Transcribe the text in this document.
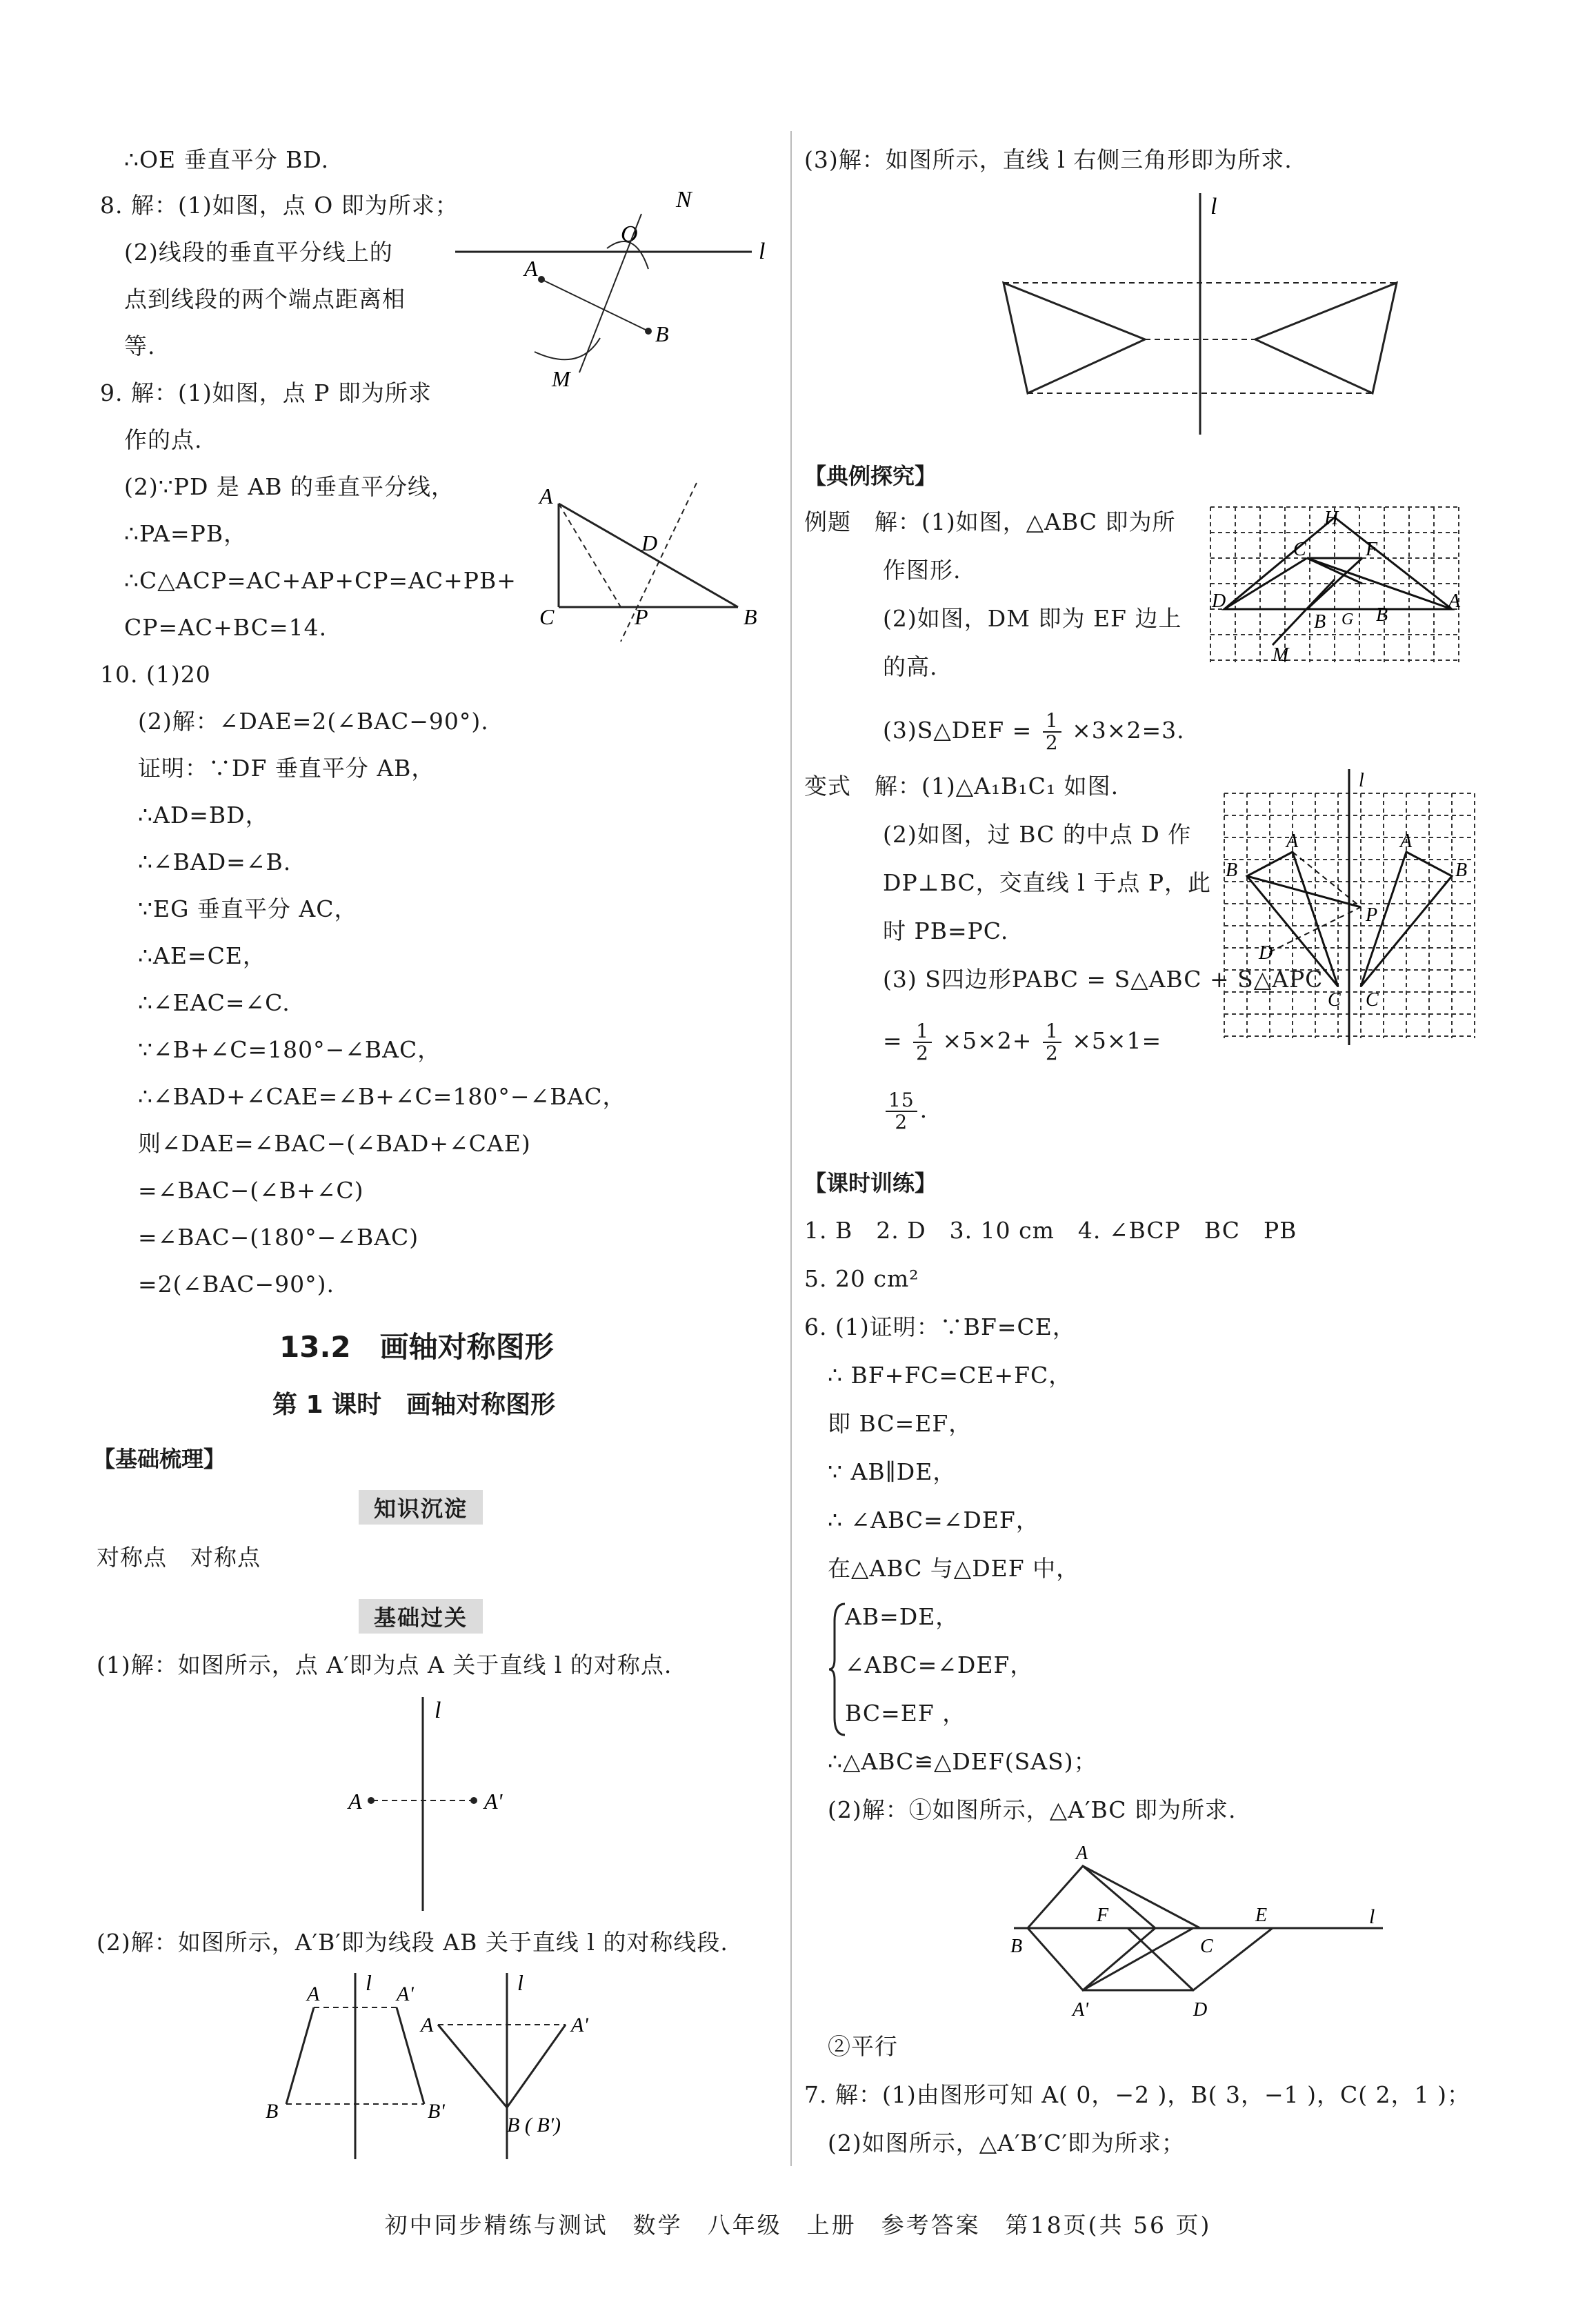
∴OE 垂直平分 BD.
8. 解：(1)如图，点 O 即为所求；
(2)线段的垂直平分线上的
点到线段的两个端点距离相
等.
9. 解：(1)如图，点 P 即为所求
作的点.
(2)∵PD 是 AB 的垂直平分线，
∴PA=PB，
∴C△ACP=AC+AP+CP=AC+PB+
CP=AC+BC=14.
10. (1)20
(2)解：∠DAE=2(∠BAC−90°).
证明：∵DF 垂直平分 AB，
∴AD=BD，
∴∠BAD=∠B.
∵EG 垂直平分 AC，
∴AE=CE，
∴∠EAC=∠C.
∵∠B+∠C=180°−∠BAC，
∴∠BAD+∠CAE=∠B+∠C=180°−∠BAC，
则∠DAE=∠BAC−(∠BAD+∠CAE)
=∠BAC−(∠B+∠C)
=∠BAC−(180°−∠BAC)
=2(∠BAC−90°).
l
N
O
A
B
M
A
C	B
D
P
13.2　画轴对称图形
第 1 课时　画轴对称图形
【基础梳理】
知识沉淀
对称点　对称点
基础过关
(1)解：如图所示，点 A′即为点 A 关于直线 l 的对称点.
l
A	A'
(2)解：如图所示，A′B′即为线段 AB 关于直线 l 的对称线段.
l
A	A'
B	B'
l
A	A'
B ( B')
(3)解：如图所示，直线 l 右侧三角形即为所求.
l
【典例探究】
例题　解：(1)如图，△ABC 即为所
作图形.
(2)如图，DM 即为 EF 边上
的高.
(3)S△DEF = $\frac{1}{2} \times 3\times 2=3$.
H
C	F
D
B	B
A
G
M
变式　解：(1)△A₁B₁C₁ 如图.
(2)如图，过 BC 的中点 D 作
DP⊥BC，交直线 l 于点 P，此
时 PB=PC.
(3) S四边形PABC = S△ABC + S△APC
= $\frac{1}{2} \times 5\times 2+ \frac{1}{2} \times 5\times 1=$
$\frac{15}{2}$ .
l
A	A
B	B
P
D
C C
【课时训练】
1. B　2. D　3. 10 cm　4. ∠BCP　BC　PB
5. 20 cm²
6. (1)证明：∵BF=CE，
∴ BF+FC=CE+FC，
即 BC=EF，
∵ AB∥DE，
∴ ∠ABC=∠DEF，
在△ABC 与△DEF 中，
AB=DE，
∠ABC=∠DEF，
BC=EF ，
∴△ABC≌△DEF(SAS)；
(2)解：①如图所示，△A′BC 即为所求.
l
A
B
F
C
E
A'	D
②平行
7. 解：(1)由图形可知 A( 0，−2 )，B( 3，−1 )，C( 2，1 )；
(2)如图所示，△A′B′C′即为所求；
初中同步精练与测试　数学　八年级　上册　参考答案　第18页(共 56 页)
